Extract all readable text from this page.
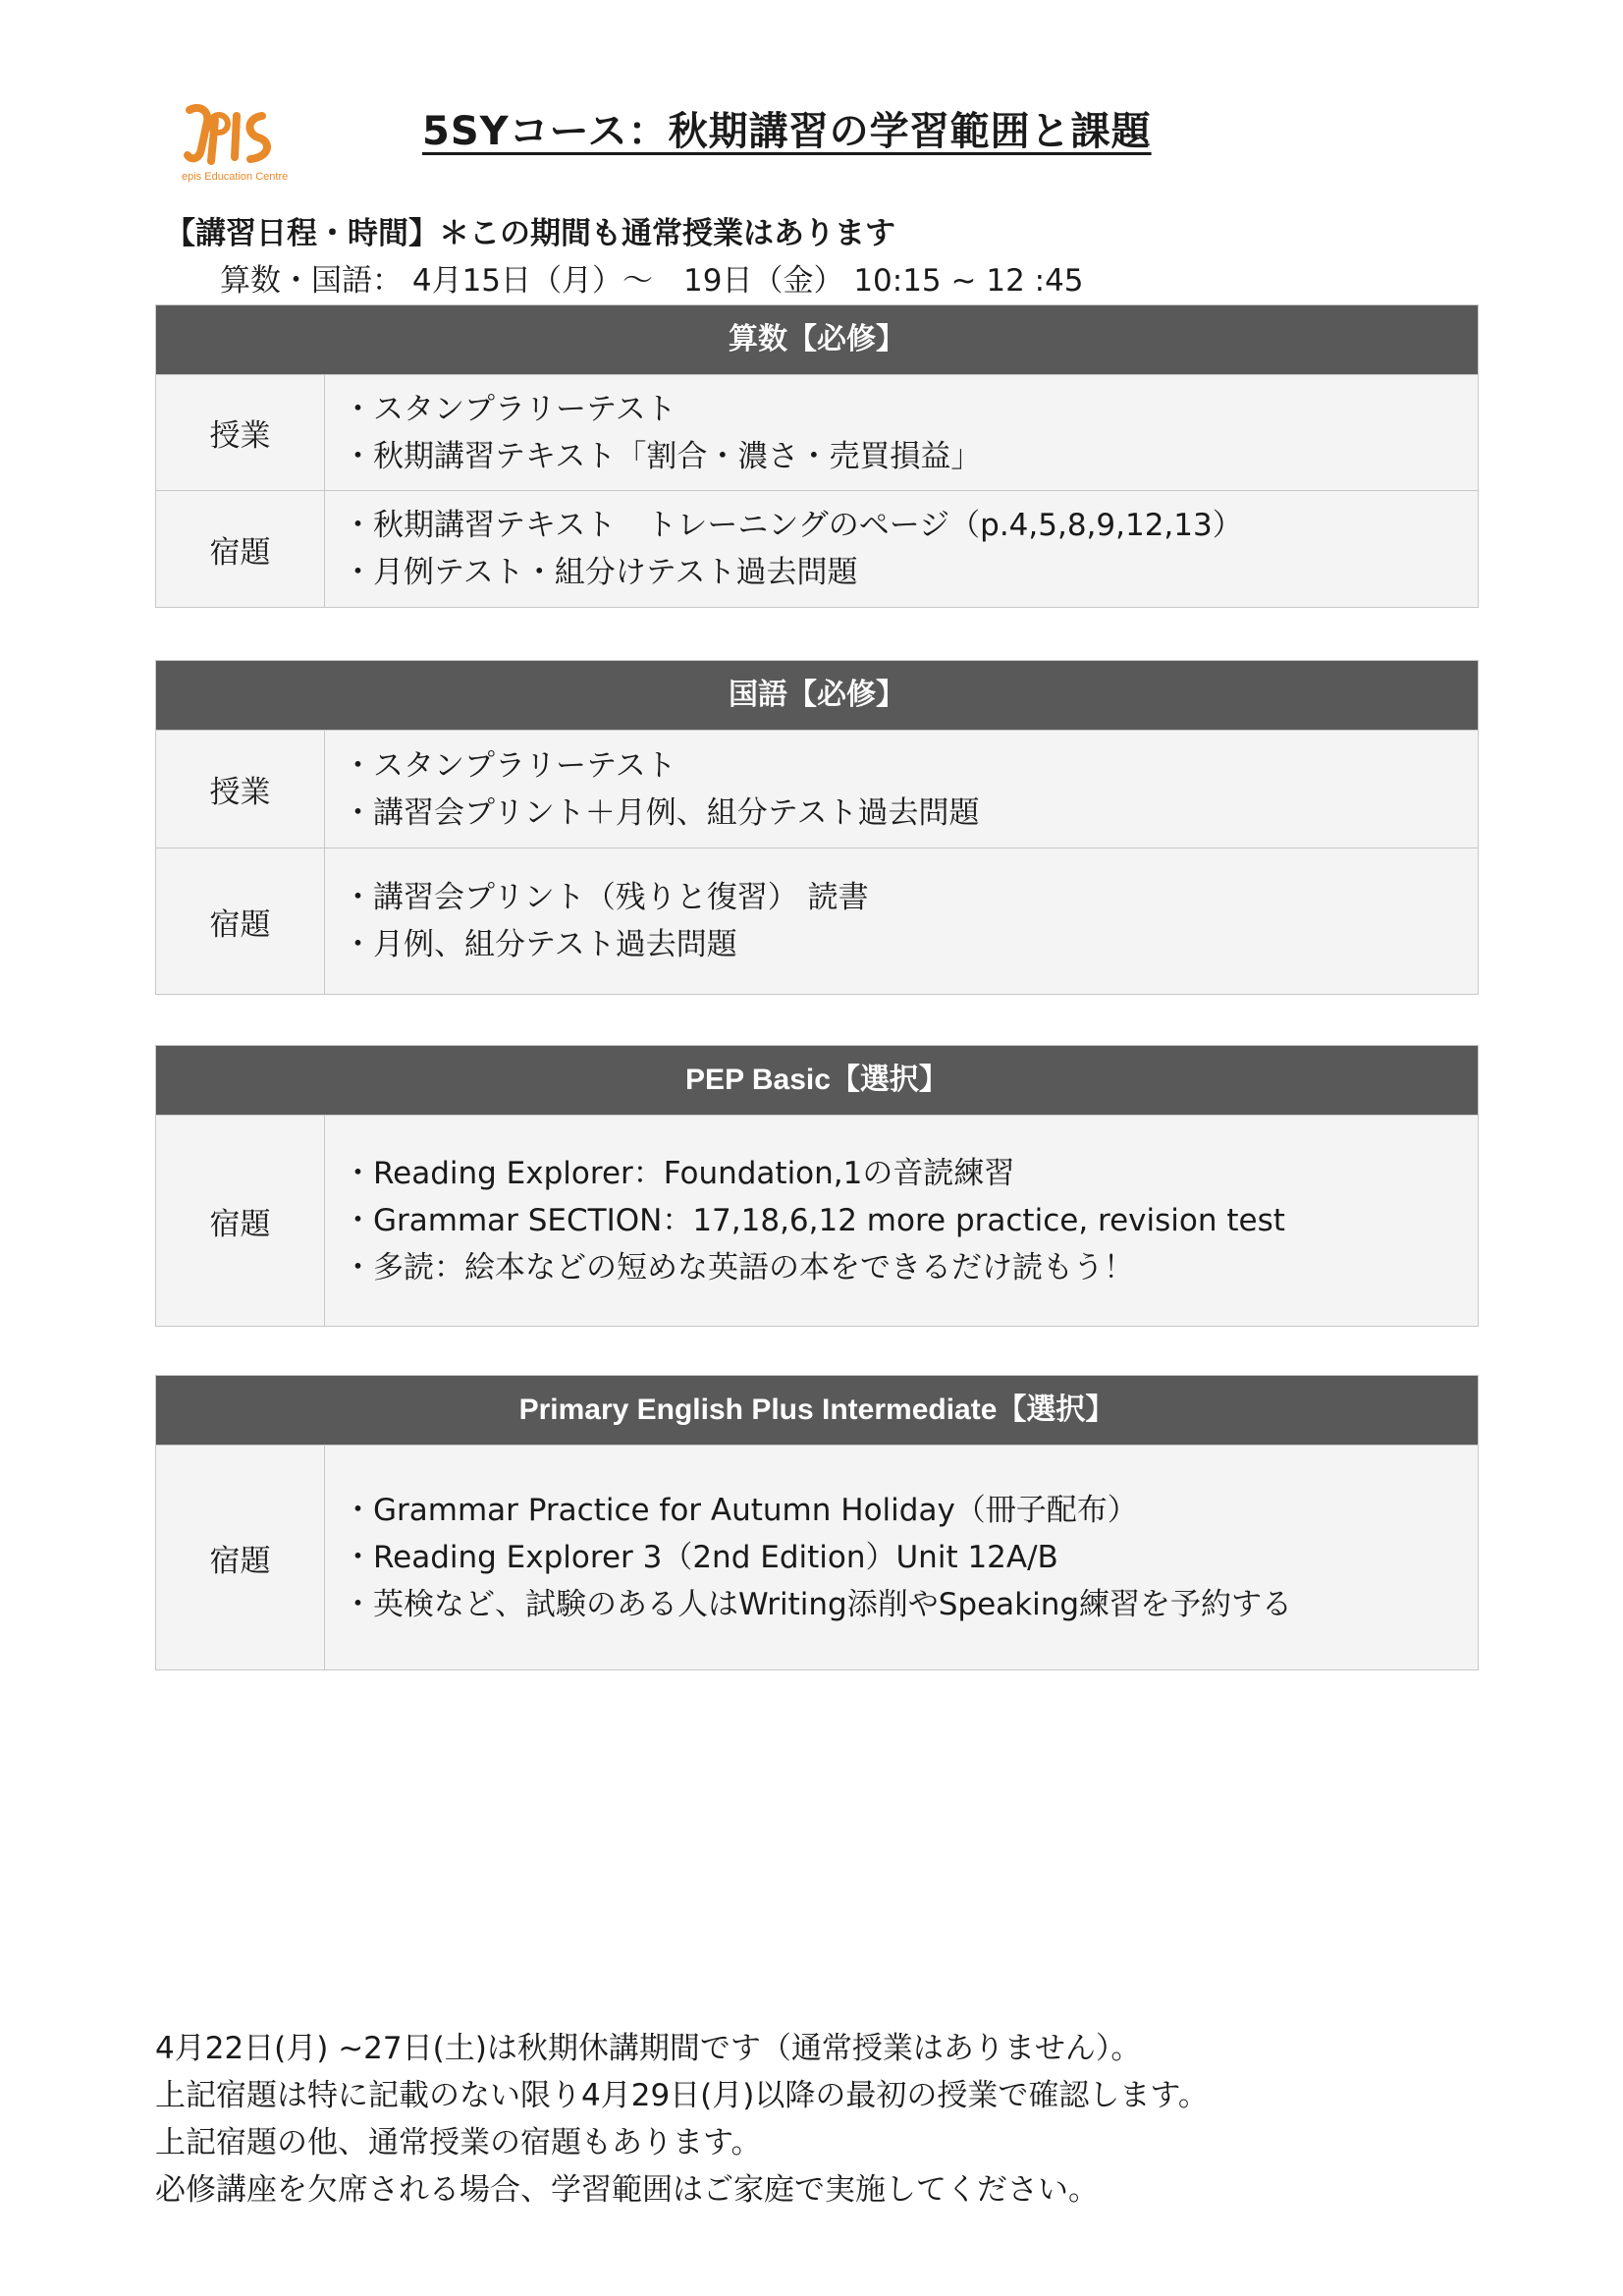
epis Education Centre
5SYコース：秋期講習の学習範囲と課題
【講習日程・時間】＊この期間も通常授業はあります
算数・国語： 4月15日（月）～　19日（金） 10:15 ~ 12 :45
算数【必修】
授業
・スタンプラリーテスト
・秋期講習テキスト「割合・濃さ・売買損益」
宿題
・秋期講習テキスト　トレーニングのページ（p.4,5,8,9,12,13）
・月例テスト・組分けテスト過去問題
国語【必修】
授業
・スタンプラリーテスト
・講習会プリント＋月例、組分テスト過去問題
宿題
・講習会プリント（残りと復習） 読書
・月例、組分テスト過去問題
PEP Basic【選択】
宿題
・Reading Explorer：Foundation,1の音読練習
・Grammar SECTION：17,18,6,12 more practice, revision test
・多読：絵本などの短めな英語の本をできるだけ読もう！
Primary English Plus Intermediate【選択】
宿題
・Grammar Practice for Autumn Holiday（冊子配布）
・Reading Explorer 3（2nd Edition）Unit 12A/B
・英検など、試験のある人はWriting添削やSpeaking練習を予約する
4月22日(月) ~27日(土)は秋期休講期間です（通常授業はありません）。
上記宿題は特に記載のない限り4月29日(月)以降の最初の授業で確認します。
上記宿題の他、通常授業の宿題もあります。
必修講座を欠席される場合、学習範囲はご家庭で実施してください。
